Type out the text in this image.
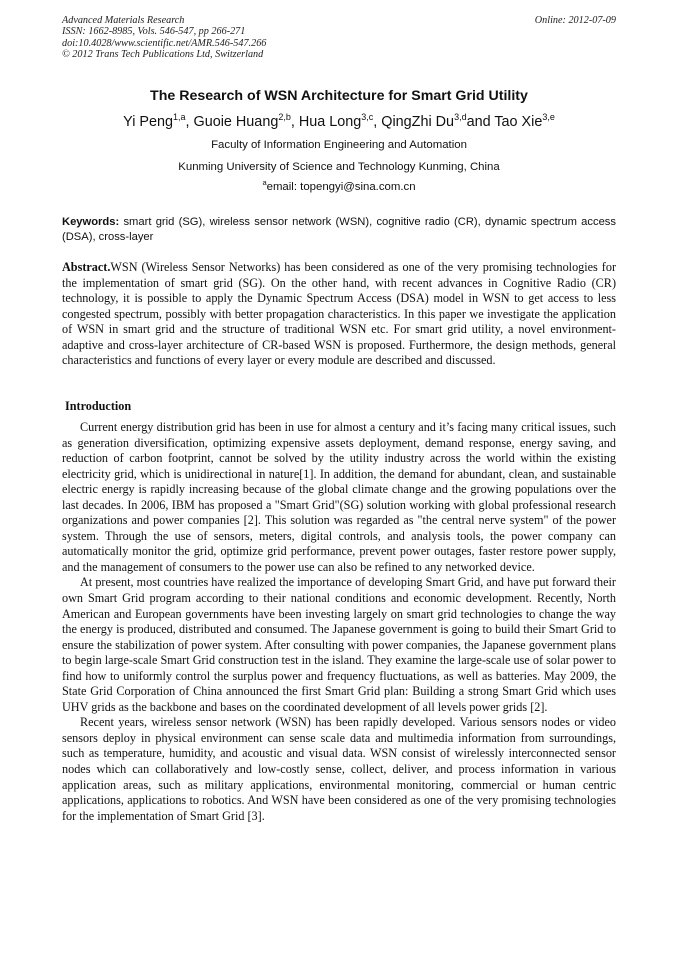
Advanced Materials Research
ISSN: 1662-8985, Vols. 546-547, pp 266-271
doi:10.4028/www.scientific.net/AMR.546-547.266
© 2012 Trans Tech Publications Ltd, Switzerland
Online: 2012-07-09
The Research of WSN Architecture for Smart Grid Utility
Yi Peng$^{1,a}$, Guoie Huang$^{2,b}$, Hua Long$^{3,c}$, QingZhi Du$^{3,d}$and Tao Xie$^{3,e}$
Faculty of Information Engineering and Automation
Kunming University of Science and Technology Kunming, China
$^a$email: topengyi@sina.com.cn
Keywords: smart grid (SG), wireless sensor network (WSN), cognitive radio (CR), dynamic spectrum access (DSA), cross-layer

Abstract.WSN (Wireless Sensor Networks) has been considered as one of the very promising technologies for the implementation of smart grid (SG). On the other hand, with recent advances in Cognitive Radio (CR) technology, it is possible to apply the Dynamic Spectrum Access (DSA) model in WSN to get access to less congested spectrum, possibly with better propagation characteristics. In this paper we investigate the application of WSN in smart grid and the structure of traditional WSN etc. For smart grid utility, a novel environment-adaptive and cross-layer architecture of CR-based WSN is proposed. Furthermore, the design methods, general characteristics and functions of every layer or every module are described and discussed.

Introduction

Current energy distribution grid has been in use for almost a century and it’s facing many critical issues, such as generation diversification, optimizing expensive assets deployment, demand response, energy saving, and reduction of carbon footprint, cannot be solved by the utility industry across the world within the existing electricity grid, which is unidirectional in nature[1]. In addition, the demand for abundant, clean, and sustainable electric energy is rapidly increasing because of the global climate change and the growing populations over the last decades. In 2006, IBM has proposed a "Smart Grid"(SG) solution working with global professional research organizations and power companies [2]. This solution was regarded as "the central nerve system" of the power system. Through the use of sensors, meters, digital controls, and analysis tools, the power company can automatically monitor the grid, optimize grid performance, prevent power outages, faster restore power supply, and the management of consumers to the power use can also be refined to any networked device.

At present, most countries have realized the importance of developing Smart Grid, and have put forward their own Smart Grid program according to their national conditions and economic development. Recently, North American and European governments have been investing largely on smart grid technologies to change the way the energy is produced, distributed and consumed. The Japanese government is going to build their Smart Grid to ensure the stabilization of power system. After consulting with power companies, the Japanese government plans to begin large-scale Smart Grid construction test in the island. They examine the large-scale use of solar power to find how to uniformly control the surplus power and frequency fluctuations, as well as batteries. May 2009, the State Grid Corporation of China announced the first Smart Grid plan: Building a strong Smart Grid which uses UHV grids as the backbone and bases on the coordinated development of all levels power grids [2].

Recent years, wireless sensor network (WSN) has been rapidly developed. Various sensors nodes or video sensors deploy in physical environment can sense scale data and multimedia information from surroundings, such as temperature, humidity, and acoustic and visual data. WSN consist of wirelessly interconnected sensor nodes which can collaboratively and low-costly sense, collect, deliver, and process information in various application areas, such as military applications, environmental monitoring, commercial or human centric applications, applications to robotics. And WSN have been considered as one of the very promising technologies for the implementation of Smart Grid [3].
